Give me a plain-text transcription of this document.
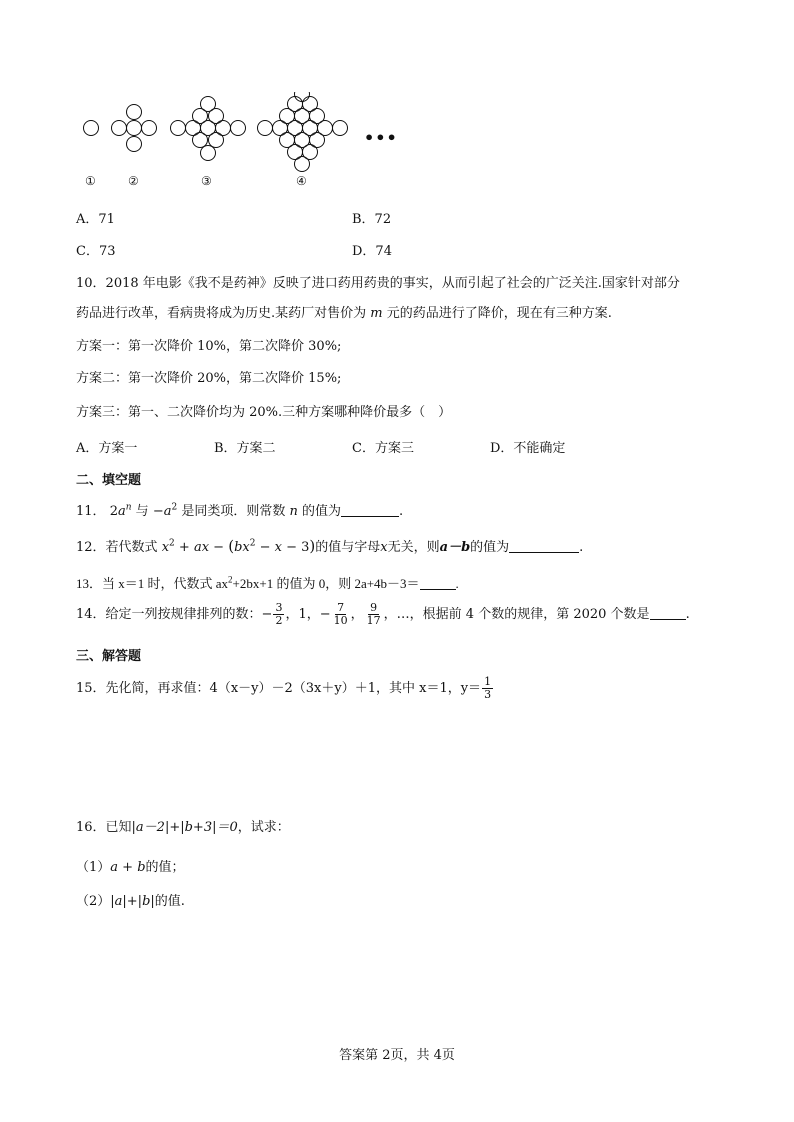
•••
①	②	③	④
A．71	B．72
C．73	D．74
10．2018 年电影《我不是药神》反映了进口药用药贵的事实，从而引起了社会的广泛关注.国家针对部分
药品进行改革，看病贵将成为历史.某药厂对售价为 m 元的药品进行了降价，现在有三种方案.
方案一：第一次降价 10%，第二次降价 30%;
方案二：第一次降价 20%，第二次降价 15%;
方案三：第一、二次降价均为 20%.三种方案哪种降价最多（　）
A．方案一	B．方案二	C．方案三	D．不能确定
二、填空题
11． $2a^n$ 与 $-a^2$ 是同类项．则常数 n 的值为	.
12．若代数式 $x^2$ + ax − $(bx^2 - x - 3)$的值与字母x无关，则a－b的值为	.
13．当 x＝1 时，代数式 $ax^2+2bx+1$ 的值为 0，则 2a+4b－3＝	.
14．给定一列按规律排列的数：− $\frac{3}{2}$ ，1，− $\frac{7}{10}$ ， $\frac{9}{17}$ ，…，根据前 4 个数的规律，第 2020 个数是	.
三、解答题
15．先化简，再求值：4（x－y）－2（3x＋y）＋1，其中 x＝1，$y= \frac{1}{3}$
16．已知|a－2|+|b+3|＝0，试求：
（1）a + b的值；
（2）|a|+|b|的值.
答案第 2页，共 4页
